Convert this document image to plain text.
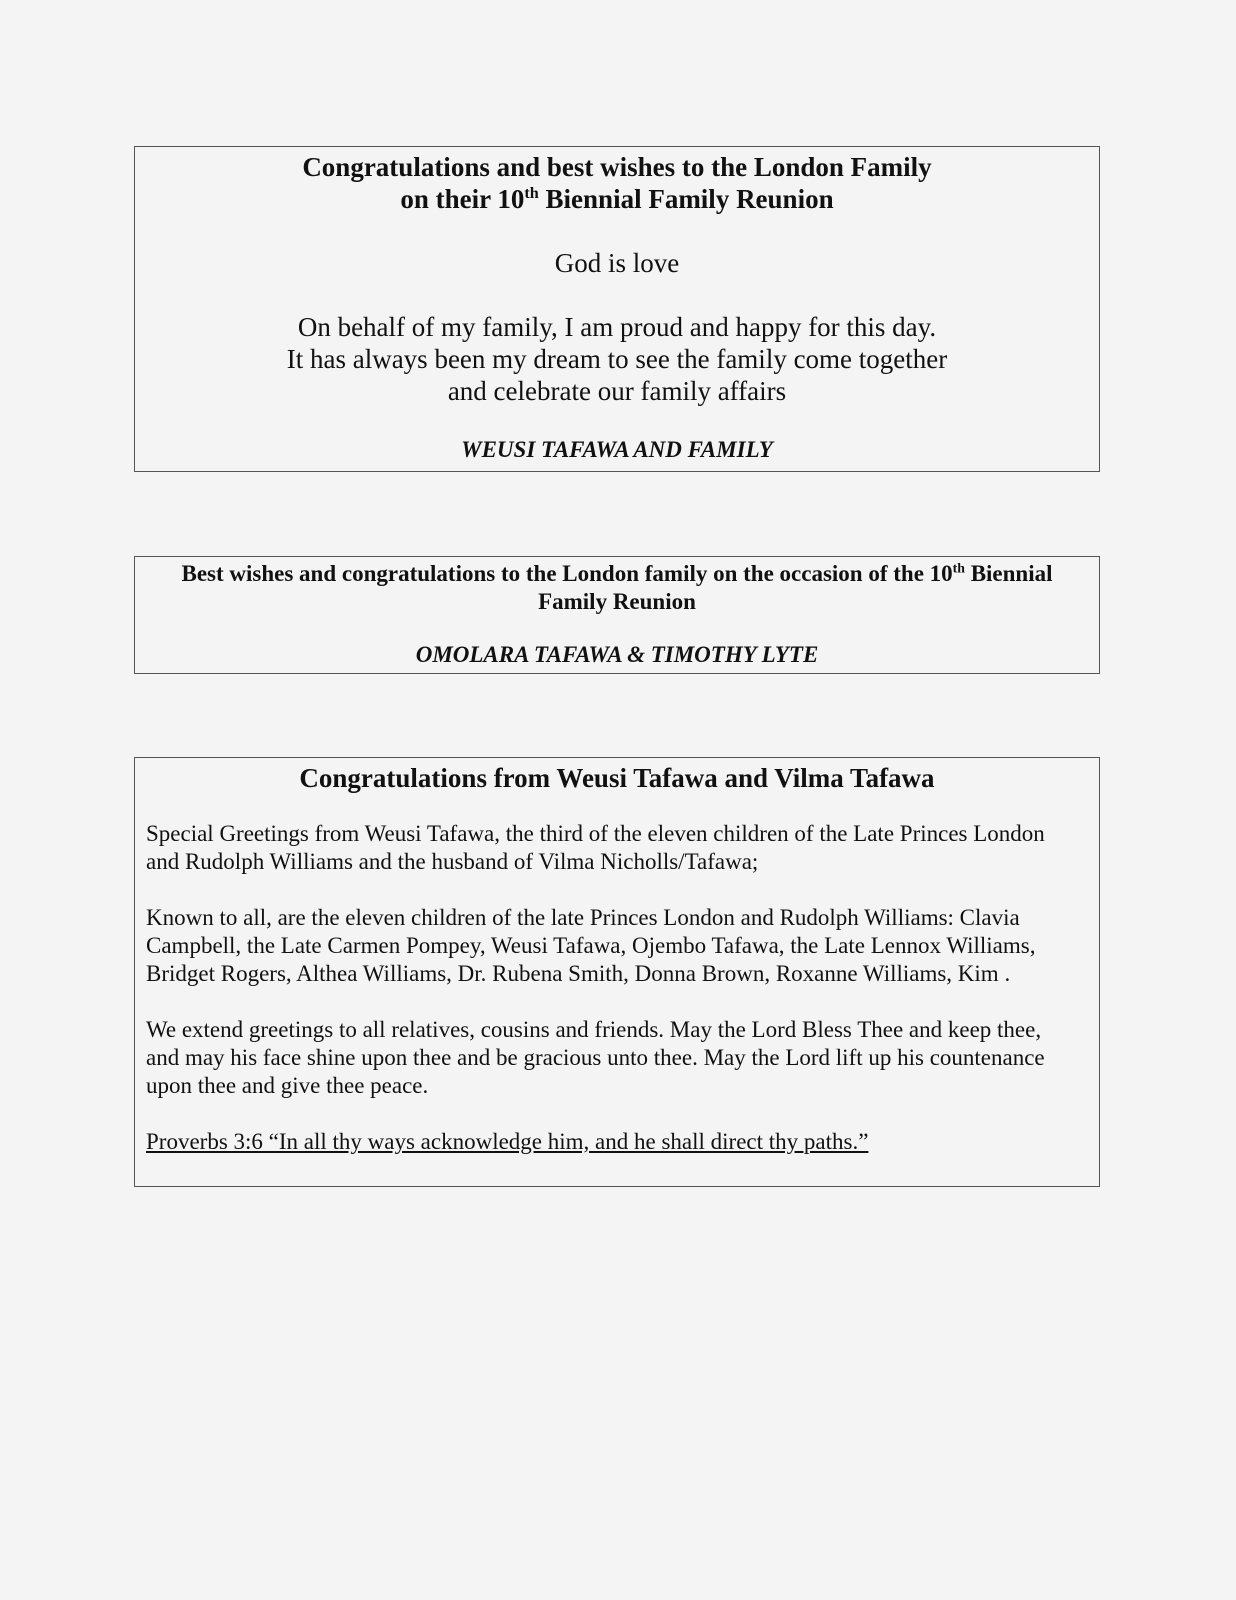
Congratulations and best wishes to the London Family
on their 10th Biennial Family Reunion
God is love
On behalf of my family, I am proud and happy for this day.
It has always been my dream to see the family come together
and celebrate our family affairs
WEUSI TAFAWA AND FAMILY
Best wishes and congratulations to the London family on the occasion of the 10th Biennial Family Reunion
OMOLARA TAFAWA & TIMOTHY LYTE
Congratulations from Weusi Tafawa and Vilma Tafawa
Special Greetings from Weusi Tafawa, the third of the eleven children of the Late Princes London and Rudolph Williams and the husband of Vilma Nicholls/Tafawa;
Known to all, are the eleven children of the late Princes London and Rudolph Williams: Clavia Campbell, the Late Carmen Pompey, Weusi Tafawa, Ojembo Tafawa, the Late Lennox Williams, Bridget Rogers, Althea Williams, Dr. Rubena Smith, Donna Brown, Roxanne Williams, Kim .
We extend greetings to all relatives, cousins and friends. May the Lord Bless Thee and keep thee, and may his face shine upon thee and be gracious unto thee. May the Lord lift up his countenance upon thee and give thee peace.
Proverbs 3:6 “In all thy ways acknowledge him, and he shall direct thy paths.”
